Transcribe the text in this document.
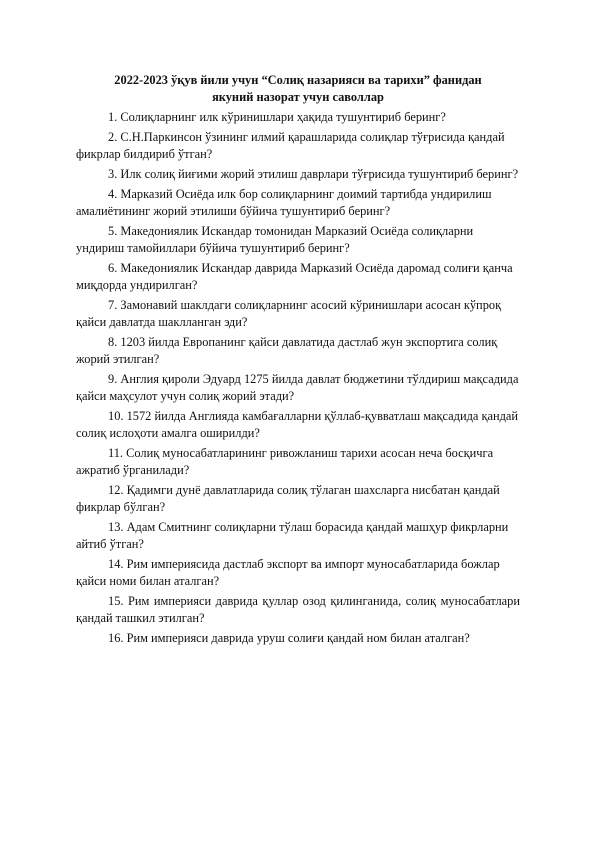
2022-2023 ўқув йили учун “Солиқ назарияси ва тарихи” фанидан
якуний назорат учун саволлар

1. Солиқларнинг илк кўринишлари ҳақида тушунтириб беринг?

2. С.Н.Паркинсон ўзининг илмий қарашларида солиқлар тўғрисида қандай фикрлар билдириб ўтган?

3. Илк солиқ йиғими жорий этилиш даврлари тўғрисида тушунтириб беринг?

4. Марказий Осиёда илк бор солиқларнинг доимий тартибда ундирилиш амалиётининг жорий этилиши бўйича тушунтириб беринг?

5. Македониялик Искандар томонидан Марказий Осиёда солиқларни ундириш тамойиллари бўйича тушунтириб беринг?

6. Македониялик Искандар даврида Марказий Осиёда даромад солиғи қанча миқдорда ундирилган?

7. Замонавий шаклдаги солиқларнинг асосий кўринишлари асосан кўпроқ қайси давлатда шаклланган эди?

8. 1203 йилда Европанинг қайси давлатида дастлаб жун экспортига солиқ жорий этилган?

9. Англия қироли Эдуард 1275 йилда давлат бюджетини тўлдириш мақсадида қайси маҳсулот учун солиқ жорий этади?

10. 1572 йилда Англияда камбағалларни қўллаб-қувватлаш мақсадида қандай солиқ ислоҳоти амалга оширилди?

11. Солиқ муносабатларининг ривожланиш тарихи асосан неча босқичга ажратиб ўрганилади?

12. Қадимги дунё давлатларида солиқ тўлаган шахсларга нисбатан қандай фикрлар бўлган?

13. Адам Смитнинг солиқларни тўлаш борасида қандай машҳур фикрларни айтиб ўтган?

14. Рим империясида дастлаб экспорт ва импорт муносабатларида божлар қайси номи билан аталган?

15. Рим империяси даврида қуллар озод қилинганида, солиқ муносабатлари қандай ташкил этилган?

16. Рим империяси даврида уруш солиғи қандай ном билан аталган?
